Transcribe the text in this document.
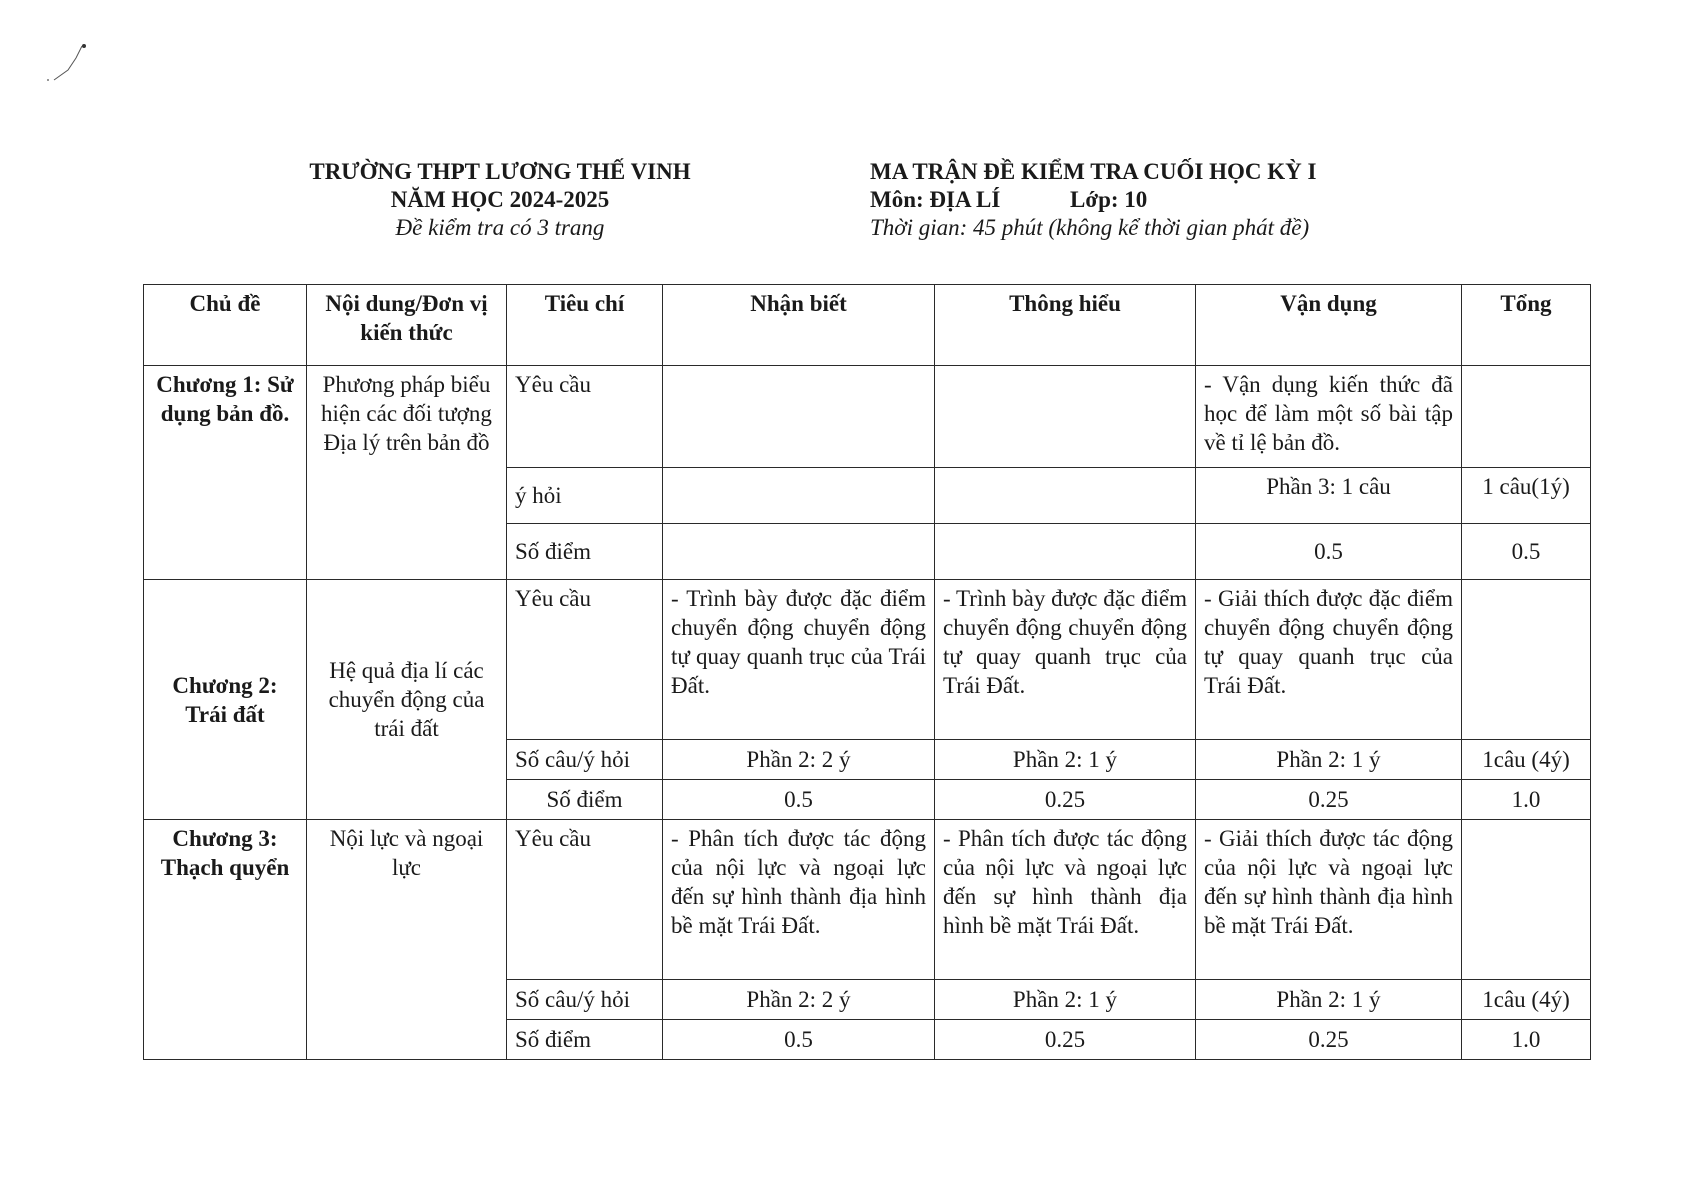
TRƯỜNG THPT LƯƠNG THẾ VINH
NĂM HỌC 2024-2025
Đề kiểm tra có 3 trang
MA TRẬN ĐỀ KIỂM TRA CUỐI HỌC KỲ I
Môn: ĐỊA LÍ	Lớp: 10
Thời gian: 45 phút (không kể thời gian phát đề)
Chủ đề	Nội dung/Đơn vị kiến thức	Tiêu chí	Nhận biết	Thông hiểu	Vận dụng	Tổng
Chương 1: Sử dụng bản đồ.	Phương pháp biểu hiện các đối tượng Địa lý trên bản đồ	Yêu cầu			- Vận dụng kiến thức đã học để làm một số bài tập về tỉ lệ bản đồ.	
		ý hỏi			Phần 3: 1 câu	1 câu(1ý)
		Số điểm			0.5	0.5
Chương 2: Trái đất	Hệ quả địa lí các chuyển động của trái đất	Yêu cầu	- Trình bày được đặc điểm chuyển động chuyển động tự quay quanh trục của Trái Đất.	- Trình bày được đặc điểm chuyển động chuyển động tự quay quanh trục của Trái Đất.	- Giải thích được đặc điểm chuyển động chuyển động tự quay quanh trục của Trái Đất.	
		Số câu/ý hỏi	Phần 2: 2 ý	Phần 2: 1 ý	Phần 2: 1 ý	1câu (4ý)
		Số điểm	0.5	0.25	0.25	1.0
Chương 3: Thạch quyển	Nội lực và ngoại lực	Yêu cầu	- Phân tích được tác động của nội lực và ngoại lực đến sự hình thành địa hình bề mặt Trái Đất.	- Phân tích được tác động của nội lực và ngoại lực đến sự hình thành địa hình bề mặt Trái Đất.	- Giải thích được tác động của nội lực và ngoại lực đến sự hình thành địa hình bề mặt Trái Đất.	
		Số câu/ý hỏi	Phần 2: 2 ý	Phần 2: 1 ý	Phần 2: 1 ý	1câu (4ý)
		Số điểm	0.5	0.25	0.25	1.0
